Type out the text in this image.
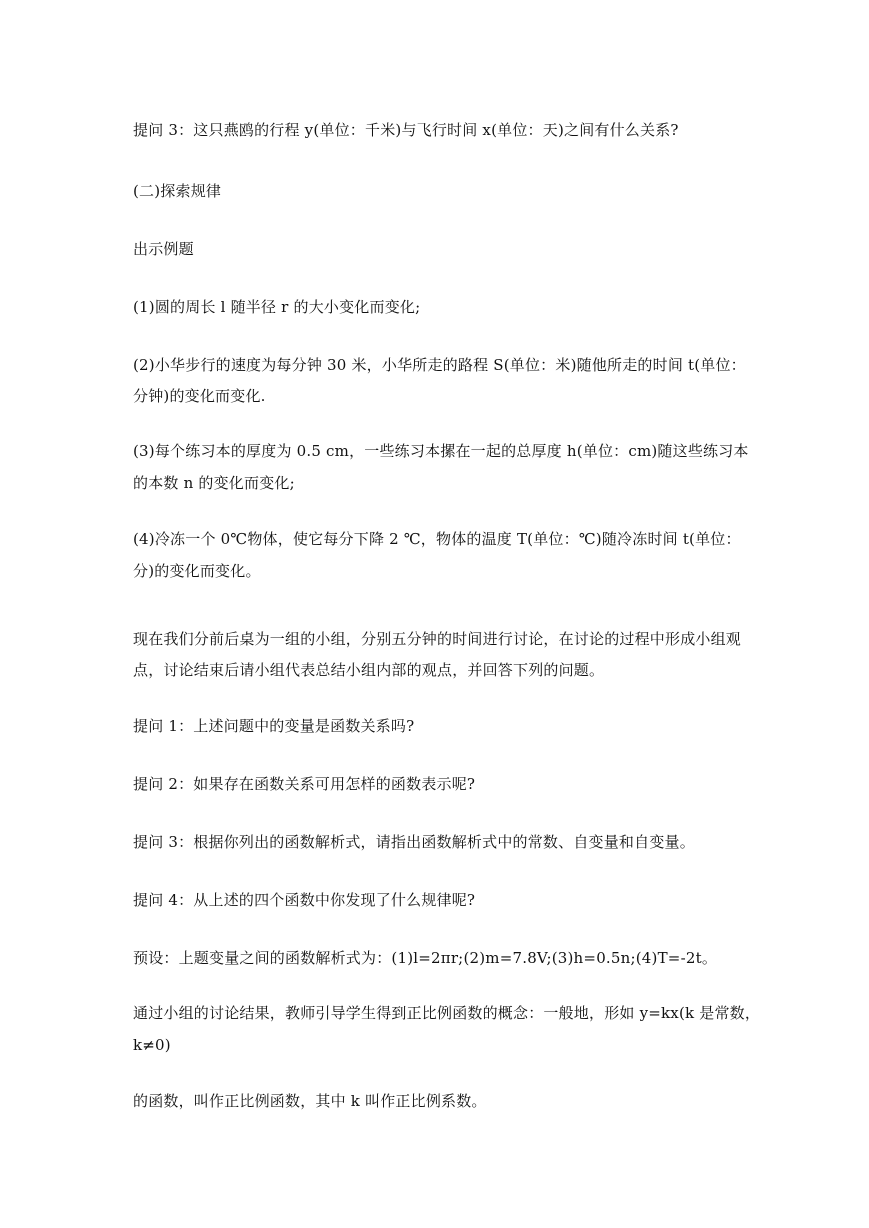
提问 3：这只燕鸥的行程 y(单位：千米)与飞行时间 x(单位：天)之间有什么关系?

(二)探索规律

出示例题

(1)圆的周长 l 随半径 r 的大小变化而变化;

(2)小华步行的速度为每分钟 30 米，小华所走的路程 S(单位：米)随他所走的时间 t(单位：

分钟)的变化而变化.

(3)每个练习本的厚度为 0.5 cm，一些练习本摞在一起的总厚度 h(单位：cm)随这些练习本

的本数 n 的变化而变化;

(4)冷冻一个 0℃物体，使它每分下降 2 ℃，物体的温度 T(单位：℃)随冷冻时间 t(单位：

分)的变化而变化。

现在我们分前后桌为一组的小组，分别五分钟的时间进行讨论，在讨论的过程中形成小组观

点，讨论结束后请小组代表总结小组内部的观点，并回答下列的问题。

提问 1：上述问题中的变量是函数关系吗?

提问 2：如果存在函数关系可用怎样的函数表示呢?

提问 3：根据你列出的函数解析式，请指出函数解析式中的常数、自变量和自变量。

提问 4：从上述的四个函数中你发现了什么规律呢?

预设：上题变量之间的函数解析式为：(1)l=2πr;(2)m=7.8V;(3)h=0.5n;(4)T=-2t。

通过小组的讨论结果，教师引导学生得到正比例函数的概念：一般地，形如 y=kx(k 是常数，

k≠0)

的函数，叫作正比例函数，其中 k 叫作正比例系数。
